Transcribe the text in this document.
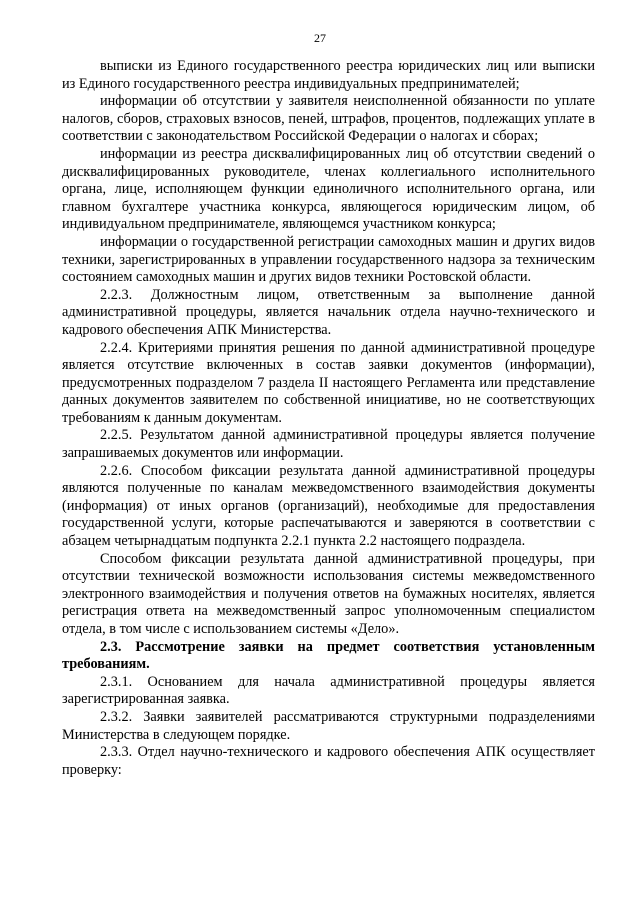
27

выписки из Единого государственного реестра юридических лиц или выписки из Единого государственного реестра индивидуальных предпринимателей;

информации об отсутствии у заявителя неисполненной обязанности по уплате налогов, сборов, страховых взносов, пеней, штрафов, процентов, подлежащих уплате в соответствии с законодательством Российской Федерации о налогах и сборах;

информации из реестра дисквалифицированных лиц об отсутствии сведений о дисквалифицированных руководителе, членах коллегиального исполнительного органа, лице, исполняющем функции единоличного исполнительного органа, или главном бухгалтере участника конкурса, являющегося юридическим лицом, об индивидуальном предпринимателе, являющемся участником конкурса;

информации о государственной регистрации самоходных машин и других видов техники, зарегистрированных в управлении государственного надзора за техническим состоянием самоходных машин и других видов техники Ростовской области.

2.2.3. Должностным лицом, ответственным за выполнение данной административной процедуры, является начальник отдела научно-технического и кадрового обеспечения АПК Министерства.

2.2.4. Критериями принятия решения по данной административной процедуре является отсутствие включенных в состав заявки документов (информации), предусмотренных подразделом 7 раздела II настоящего Регламента или представление данных документов заявителем по собственной инициативе, но не соответствующих требованиям к данным документам.

2.2.5. Результатом данной административной процедуры является получение запрашиваемых документов или информации.

2.2.6. Способом фиксации результата данной административной процедуры являются полученные по каналам межведомственного взаимодействия документы (информация) от иных органов (организаций), необходимые для предоставления государственной услуги, которые распечатываются и заверяются в соответствии с абзацем четырнадцатым подпункта 2.2.1 пункта 2.2 настоящего подраздела.

Способом фиксации результата данной административной процедуры, при отсутствии технической возможности использования системы межведомственного электронного взаимодействия и получения ответов на бумажных носителях, является регистрация ответа на межведомственный запрос уполномоченным специалистом отдела, в том числе с использованием системы «Дело».

2.3. Рассмотрение заявки на предмет соответствия установленным требованиям.

2.3.1. Основанием для начала административной процедуры является зарегистрированная заявка.

2.3.2. Заявки заявителей рассматриваются структурными подразделениями Министерства в следующем порядке.

2.3.3. Отдел научно-технического и кадрового обеспечения АПК осуществляет проверку:
